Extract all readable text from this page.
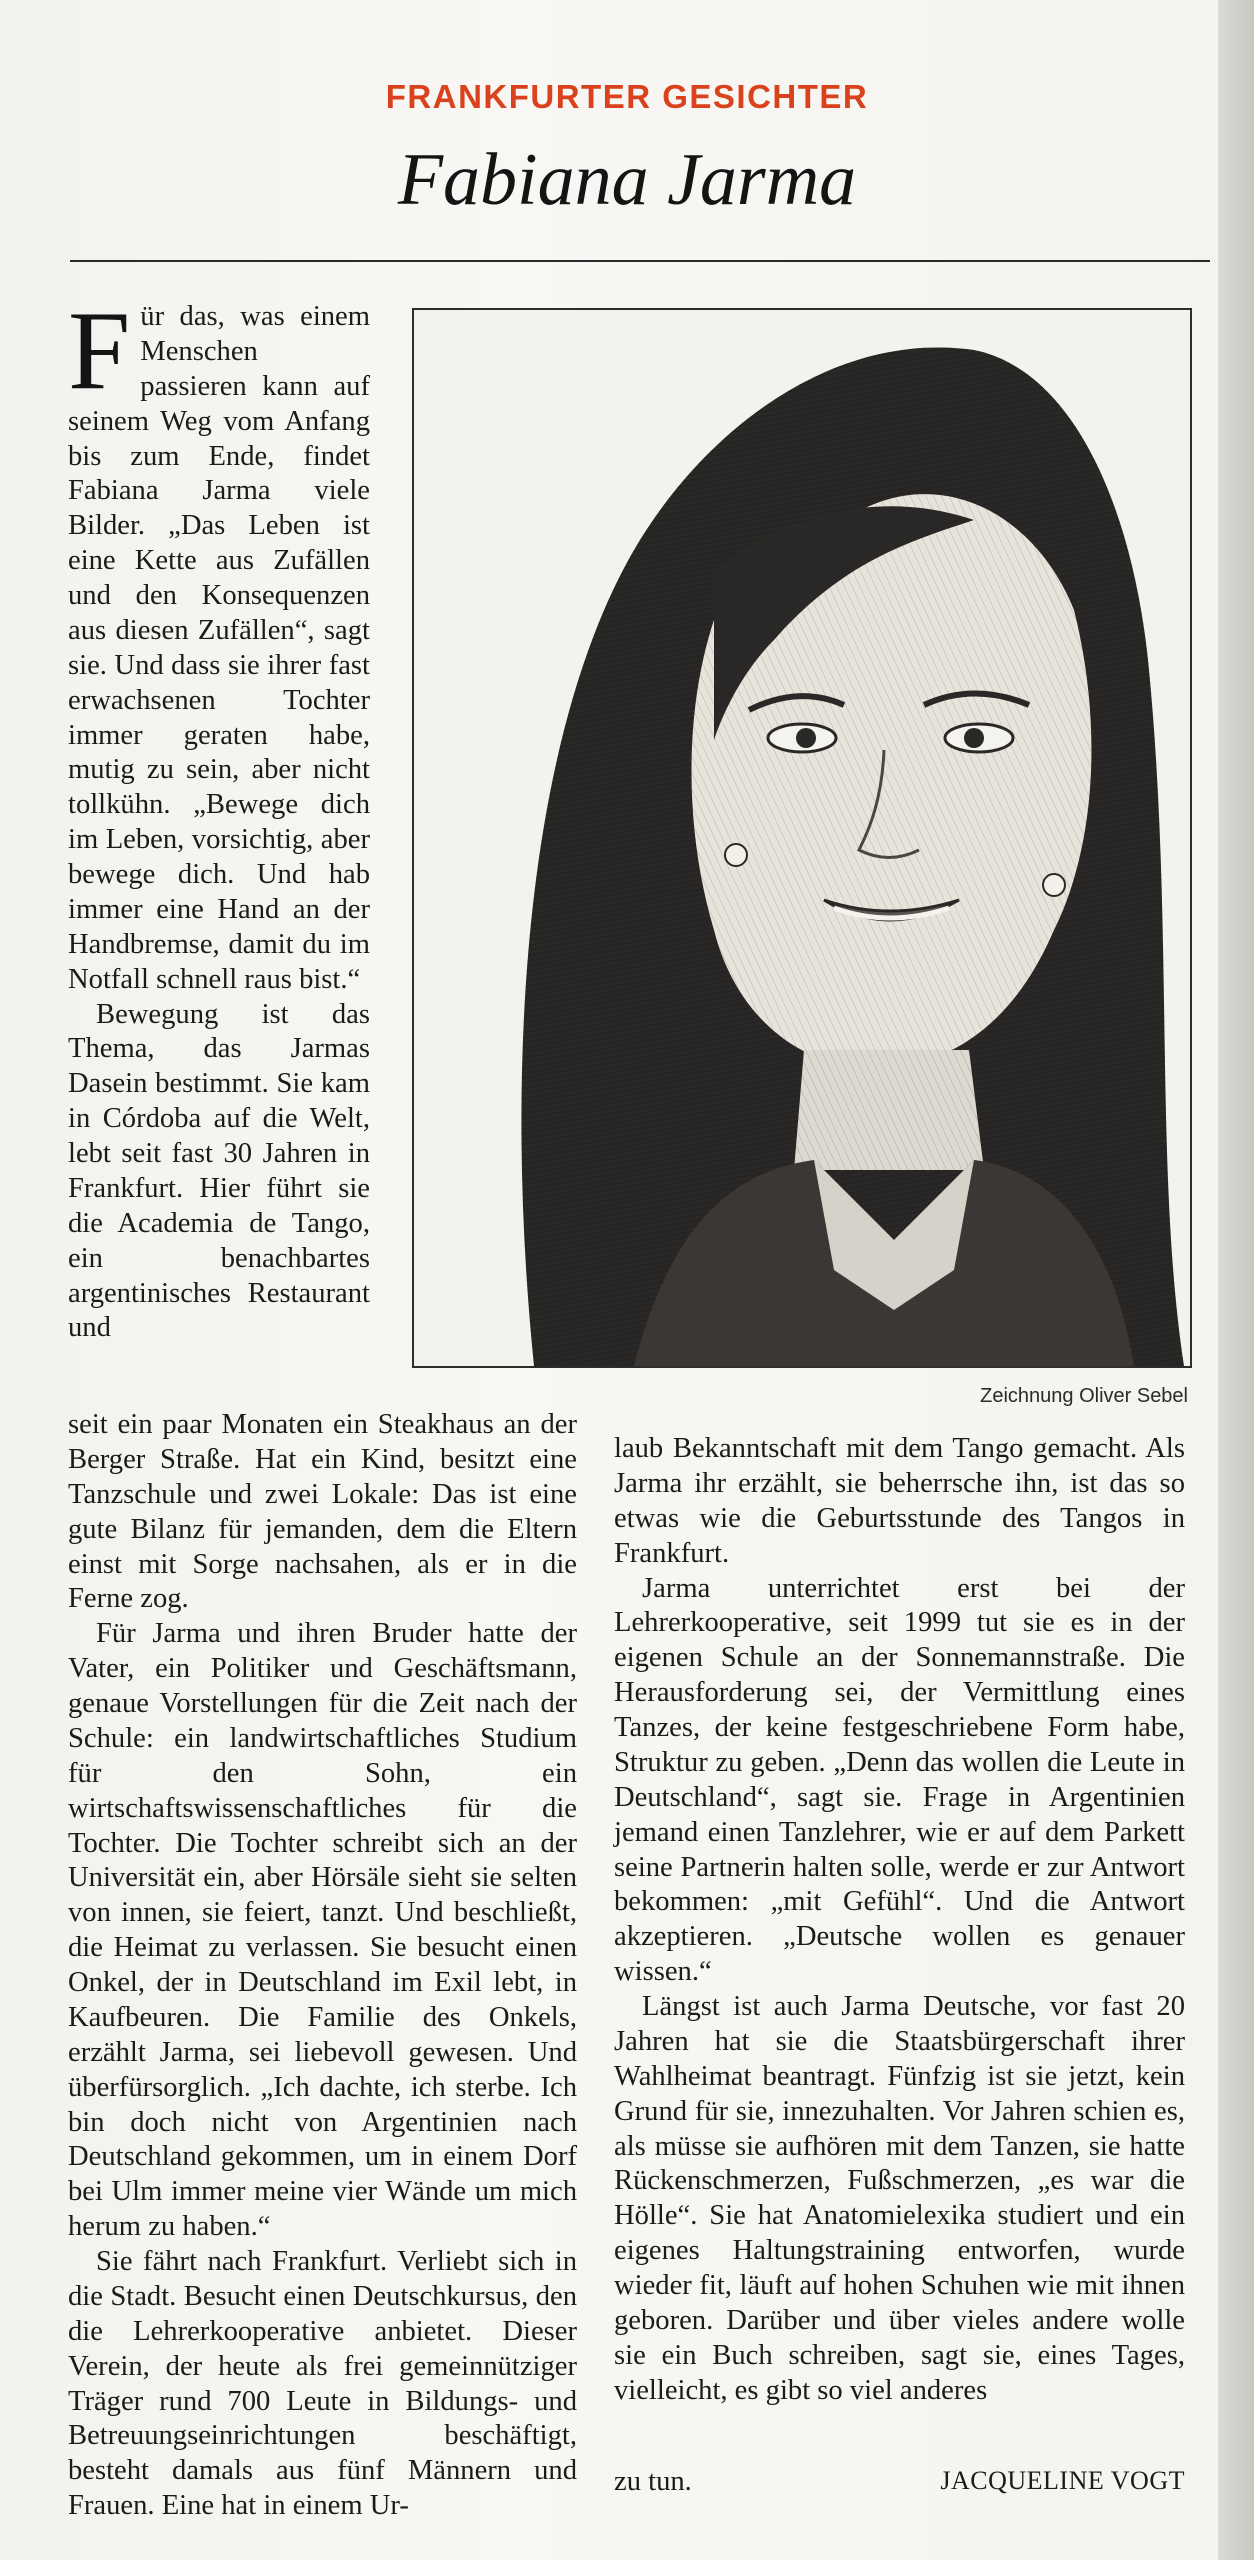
FRANKFURTER GESICHTER
Fabiana Jarma

Für das, was einem Menschen passieren kann auf seinem Weg vom Anfang bis zum Ende, findet Fabiana Jarma viele Bilder. „Das Leben ist eine Kette aus Zufällen und den Konsequenzen aus diesen Zufällen“, sagt sie. Und dass sie ihrer fast erwachsenen Tochter immer geraten habe, mutig zu sein, aber nicht tollkühn. „Bewege dich im Leben, vorsichtig, aber bewege dich. Und hab immer eine Hand an der Handbremse, damit du im Notfall schnell raus bist.“

Bewegung ist das Thema, das Jarmas Dasein bestimmt. Sie kam in Córdoba auf die Welt, lebt seit fast 30 Jahren in Frankfurt. Hier führt sie die Academia de Tango, ein benachbartes argentinisches Restaurant und

Zeichnung Oliver Sebel

seit ein paar Monaten ein Steakhaus an der Berger Straße. Hat ein Kind, besitzt eine Tanzschule und zwei Lokale: Das ist eine gute Bilanz für jemanden, dem die Eltern einst mit Sorge nachsahen, als er in die Ferne zog.

Für Jarma und ihren Bruder hatte der Vater, ein Politiker und Geschäftsmann, genaue Vorstellungen für die Zeit nach der Schule: ein landwirtschaftliches Studium für den Sohn, ein wirtschaftswissenschaftliches für die Tochter. Die Tochter schreibt sich an der Universität ein, aber Hörsäle sieht sie selten von innen, sie feiert, tanzt. Und beschließt, die Heimat zu verlassen. Sie besucht einen Onkel, der in Deutschland im Exil lebt, in Kaufbeuren. Die Familie des Onkels, erzählt Jarma, sei liebevoll gewesen. Und überfürsorglich. „Ich dachte, ich sterbe. Ich bin doch nicht von Argentinien nach Deutschland gekommen, um in einem Dorf bei Ulm immer meine vier Wände um mich herum zu haben.“

Sie fährt nach Frankfurt. Verliebt sich in die Stadt. Besucht einen Deutschkursus, den die Lehrerkooperative anbietet. Dieser Verein, der heute als frei gemeinnütziger Träger rund 700 Leute in Bildungs- und Betreuungseinrichtungen beschäftigt, besteht damals aus fünf Männern und Frauen. Eine hat in einem Ur-

laub Bekanntschaft mit dem Tango gemacht. Als Jarma ihr erzählt, sie beherrsche ihn, ist das so etwas wie die Geburtsstunde des Tangos in Frankfurt.

Jarma unterrichtet erst bei der Lehrerkooperative, seit 1999 tut sie es in der eigenen Schule an der Sonnemannstraße. Die Herausforderung sei, der Vermittlung eines Tanzes, der keine festgeschriebene Form habe, Struktur zu geben. „Denn das wollen die Leute in Deutschland“, sagt sie. Frage in Argentinien jemand einen Tanzlehrer, wie er auf dem Parkett seine Partnerin halten solle, werde er zur Antwort bekommen: „mit Gefühl“. Und die Antwort akzeptieren. „Deutsche wollen es genauer wissen.“

Längst ist auch Jarma Deutsche, vor fast 20 Jahren hat sie die Staatsbürgerschaft ihrer Wahlheimat beantragt. Fünfzig ist sie jetzt, kein Grund für sie, innezuhalten. Vor Jahren schien es, als müsse sie aufhören mit dem Tanzen, sie hatte Rückenschmerzen, Fußschmerzen, „es war die Hölle“. Sie hat Anatomielexika studiert und ein eigenes Haltungstraining entworfen, wurde wieder fit, läuft auf hohen Schuhen wie mit ihnen geboren. Darüber und über vieles andere wolle sie ein Buch schreiben, sagt sie, eines Tages, vielleicht, es gibt so viel anderes

zu tun.	JACQUELINE VOGT
